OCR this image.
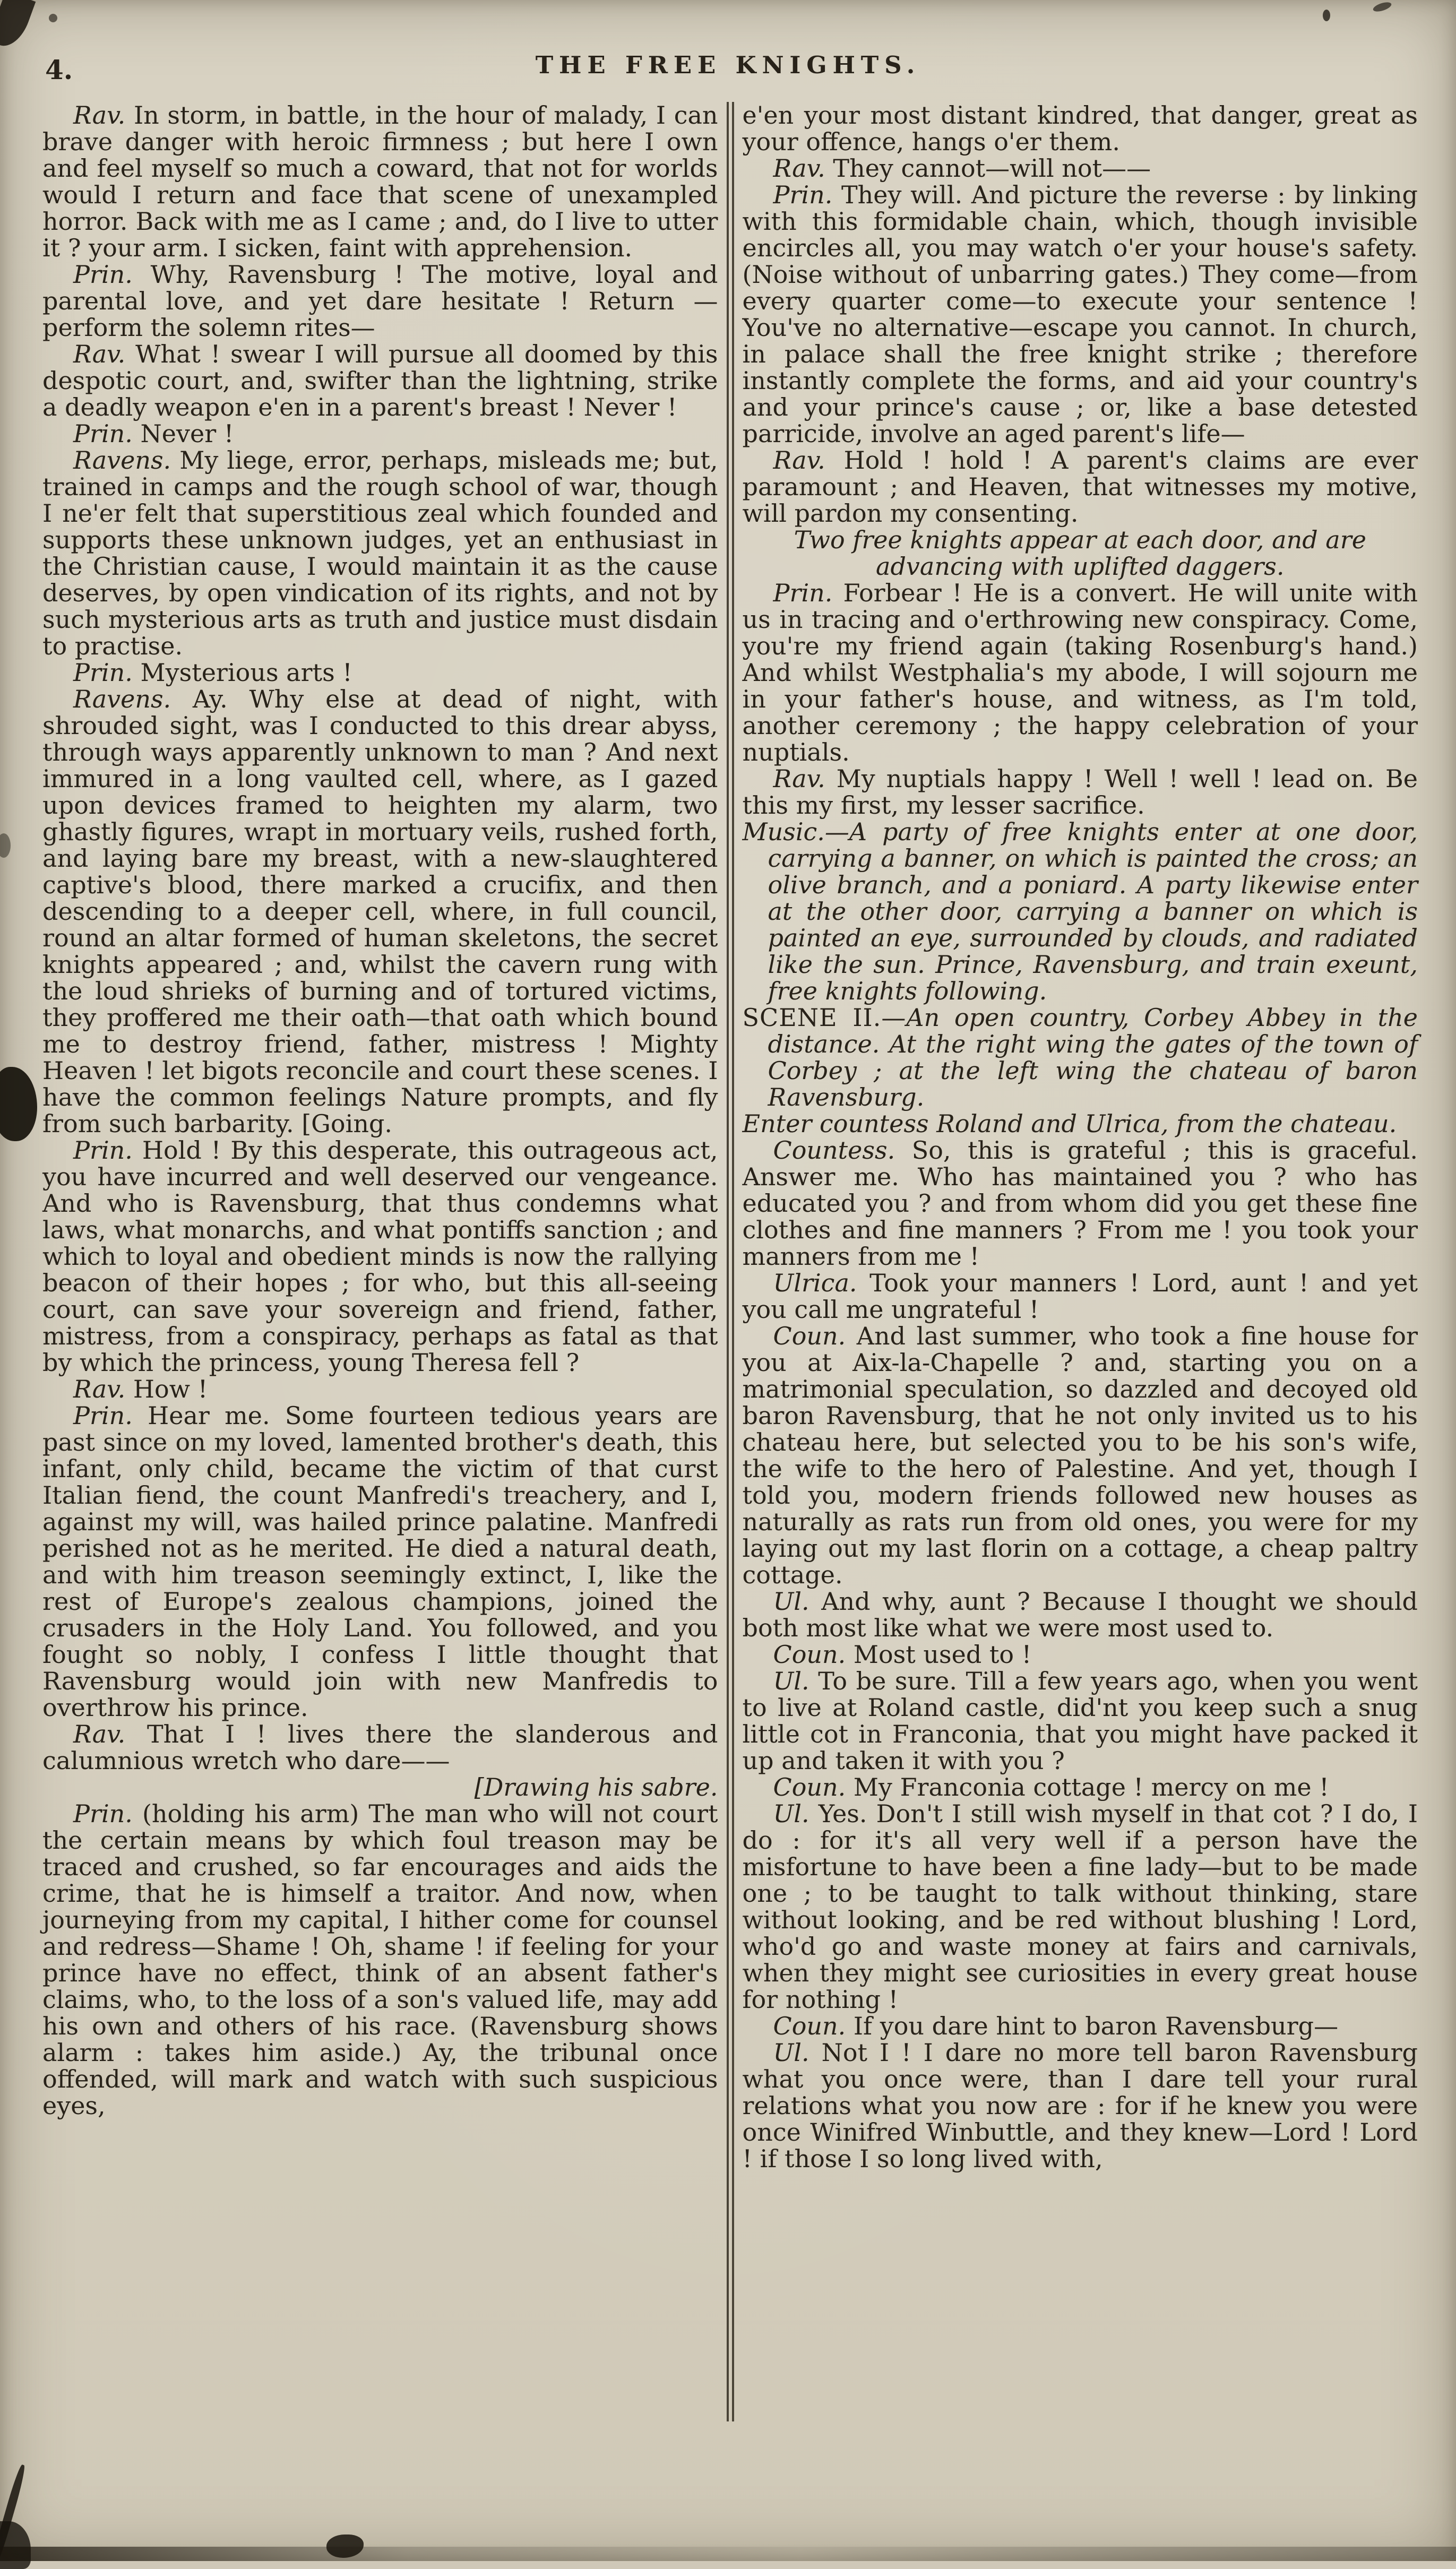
4.	THE FREE KNIGHTS.

Rav. In storm, in battle, in the hour of malady, I can brave danger with heroic firmness ; but here I own and feel myself so much a coward, that not for worlds would I return and face that scene of unexampled horror. Back with me as I came ; and, do I live to utter it ? your arm. I sicken, faint with apprehension.

Prin. Why, Ravensburg ! The motive, loyal and parental love, and yet dare hesitate ! Return —perform the solemn rites—

Rav. What ! swear I will pursue all doomed by this despotic court, and, swifter than the lightning, strike a deadly weapon e'en in a parent's breast ! Never !

Prin. Never !

Ravens. My liege, error, perhaps, misleads me; but, trained in camps and the rough school of war, though I ne'er felt that superstitious zeal which founded and supports these unknown judges, yet an enthusiast in the Christian cause, I would maintain it as the cause deserves, by open vindication of its rights, and not by such mysterious arts as truth and justice must disdain to practise.

Prin. Mysterious arts !

Ravens. Ay. Why else at dead of night, with shrouded sight, was I conducted to this drear abyss, through ways apparently unknown to man ? And next immured in a long vaulted cell, where, as I gazed upon devices framed to heighten my alarm, two ghastly figures, wrapt in mortuary veils, rushed forth, and laying bare my breast, with a new-slaughtered captive's blood, there marked a crucifix, and then descending to a deeper cell, where, in full council, round an altar formed of human skeletons, the secret knights appeared ; and, whilst the cavern rung with the loud shrieks of burning and of tortured victims, they proffered me their oath—that oath which bound me to destroy friend, father, mistress ! Mighty Heaven ! let bigots reconcile and court these scenes. I have the common feelings Nature prompts, and fly from such barbarity. [Going.

Prin. Hold ! By this desperate, this outrageous act, you have incurred and well deserved our vengeance. And who is Ravensburg, that thus condemns what laws, what monarchs, and what pontiffs sanction ; and which to loyal and obedient minds is now the rallying beacon of their hopes ; for who, but this all-seeing court, can save your sovereign and friend, father, mistress, from a conspiracy, perhaps as fatal as that by which the princess, young Theresa fell ?

Rav. How !

Prin. Hear me. Some fourteen tedious years are past since on my loved, lamented brother's death, this infant, only child, became the victim of that curst Italian fiend, the count Manfredi's treachery, and I, against my will, was hailed prince palatine. Manfredi perished not as he merited. He died a natural death, and with him treason seemingly extinct, I, like the rest of Europe's zealous champions, joined the crusaders in the Holy Land. You followed, and you fought so nobly, I confess I little thought that Ravensburg would join with new Manfredis to overthrow his prince.

Rav. That I ! lives there the slanderous and calumnious wretch who dare——

[Drawing his sabre.

Prin. (holding his arm) The man who will not court the certain means by which foul treason may be traced and crushed, so far encourages and aids the crime, that he is himself a traitor. And now, when journeying from my capital, I hither come for counsel and redress—Shame ! Oh, shame ! if feeling for your prince have no effect, think of an absent father's claims, who, to the loss of a son's valued life, may add his own and others of his race. (Ravensburg shows alarm : takes him aside.) Ay, the tribunal once offended, will mark and watch with such suspicious eyes,

e'en your most distant kindred, that danger, great as your offence, hangs o'er them.

Rav. They cannot—will not——

Prin. They will. And picture the reverse : by linking with this formidable chain, which, though invisible encircles all, you may watch o'er your house's safety. (Noise without of unbarring gates.) They come—from every quarter come—to execute your sentence ! You've no alternative—escape you cannot. In church, in palace shall the free knight strike ; therefore instantly complete the forms, and aid your country's and your prince's cause ; or, like a base detested parricide, involve an aged parent's life—

Rav. Hold ! hold ! A parent's claims are ever paramount ; and Heaven, that witnesses my motive, will pardon my consenting.

Two free knights appear at each door, and are advancing with uplifted daggers.

Prin. Forbear ! He is a convert. He will unite with us in tracing and o'erthrowing new conspiracy. Come, you're my friend again (taking Rosenburg's hand.) And whilst Westphalia's my abode, I will sojourn me in your father's house, and witness, as I'm told, another ceremony ; the happy celebration of your nuptials.

Rav. My nuptials happy ! Well ! well ! lead on. Be this my first, my lesser sacrifice.

Music.—A party of free knights enter at one door, carrying a banner, on which is painted the cross; an olive branch, and a poniard. A party likewise enter at the other door, carrying a banner on which is painted an eye, surrounded by clouds, and radiated like the sun. Prince, Ravensburg, and train exeunt, free knights following.

SCENE II.—An open country, Corbey Abbey in the distance. At the right wing the gates of the town of Corbey ; at the left wing the chateau of baron Ravensburg.

Enter countess Roland and Ulrica, from the chateau.

Countess. So, this is grateful ; this is graceful. Answer me. Who has maintained you ? who has educated you ? and from whom did you get these fine clothes and fine manners ? From me ! you took your manners from me !

Ulrica. Took your manners ! Lord, aunt ! and yet you call me ungrateful !

Coun. And last summer, who took a fine house for you at Aix-la-Chapelle ? and, starting you on a matrimonial speculation, so dazzled and decoyed old baron Ravensburg, that he not only invited us to his chateau here, but selected you to be his son's wife, the wife to the hero of Palestine. And yet, though I told you, modern friends followed new houses as naturally as rats run from old ones, you were for my laying out my last florin on a cottage, a cheap paltry cottage.

Ul. And why, aunt ? Because I thought we should both most like what we were most used to.

Coun. Most used to !

Ul. To be sure. Till a few years ago, when you went to live at Roland castle, did'nt you keep such a snug little cot in Franconia, that you might have packed it up and taken it with you ?

Coun. My Franconia cottage ! mercy on me !

Ul. Yes. Don't I still wish myself in that cot ? I do, I do : for it's all very well if a person have the misfortune to have been a fine lady—but to be made one ; to be taught to talk without thinking, stare without looking, and be red without blushing ! Lord, who'd go and waste money at fairs and carnivals, when they might see curiosities in every great house for nothing !

Coun. If you dare hint to baron Ravensburg—

Ul. Not I ! I dare no more tell baron Ravensburg what you once were, than I dare tell your rural relations what you now are : for if he knew you were once Winifred Winbuttle, and they knew—Lord ! Lord ! if those I so long lived with,
